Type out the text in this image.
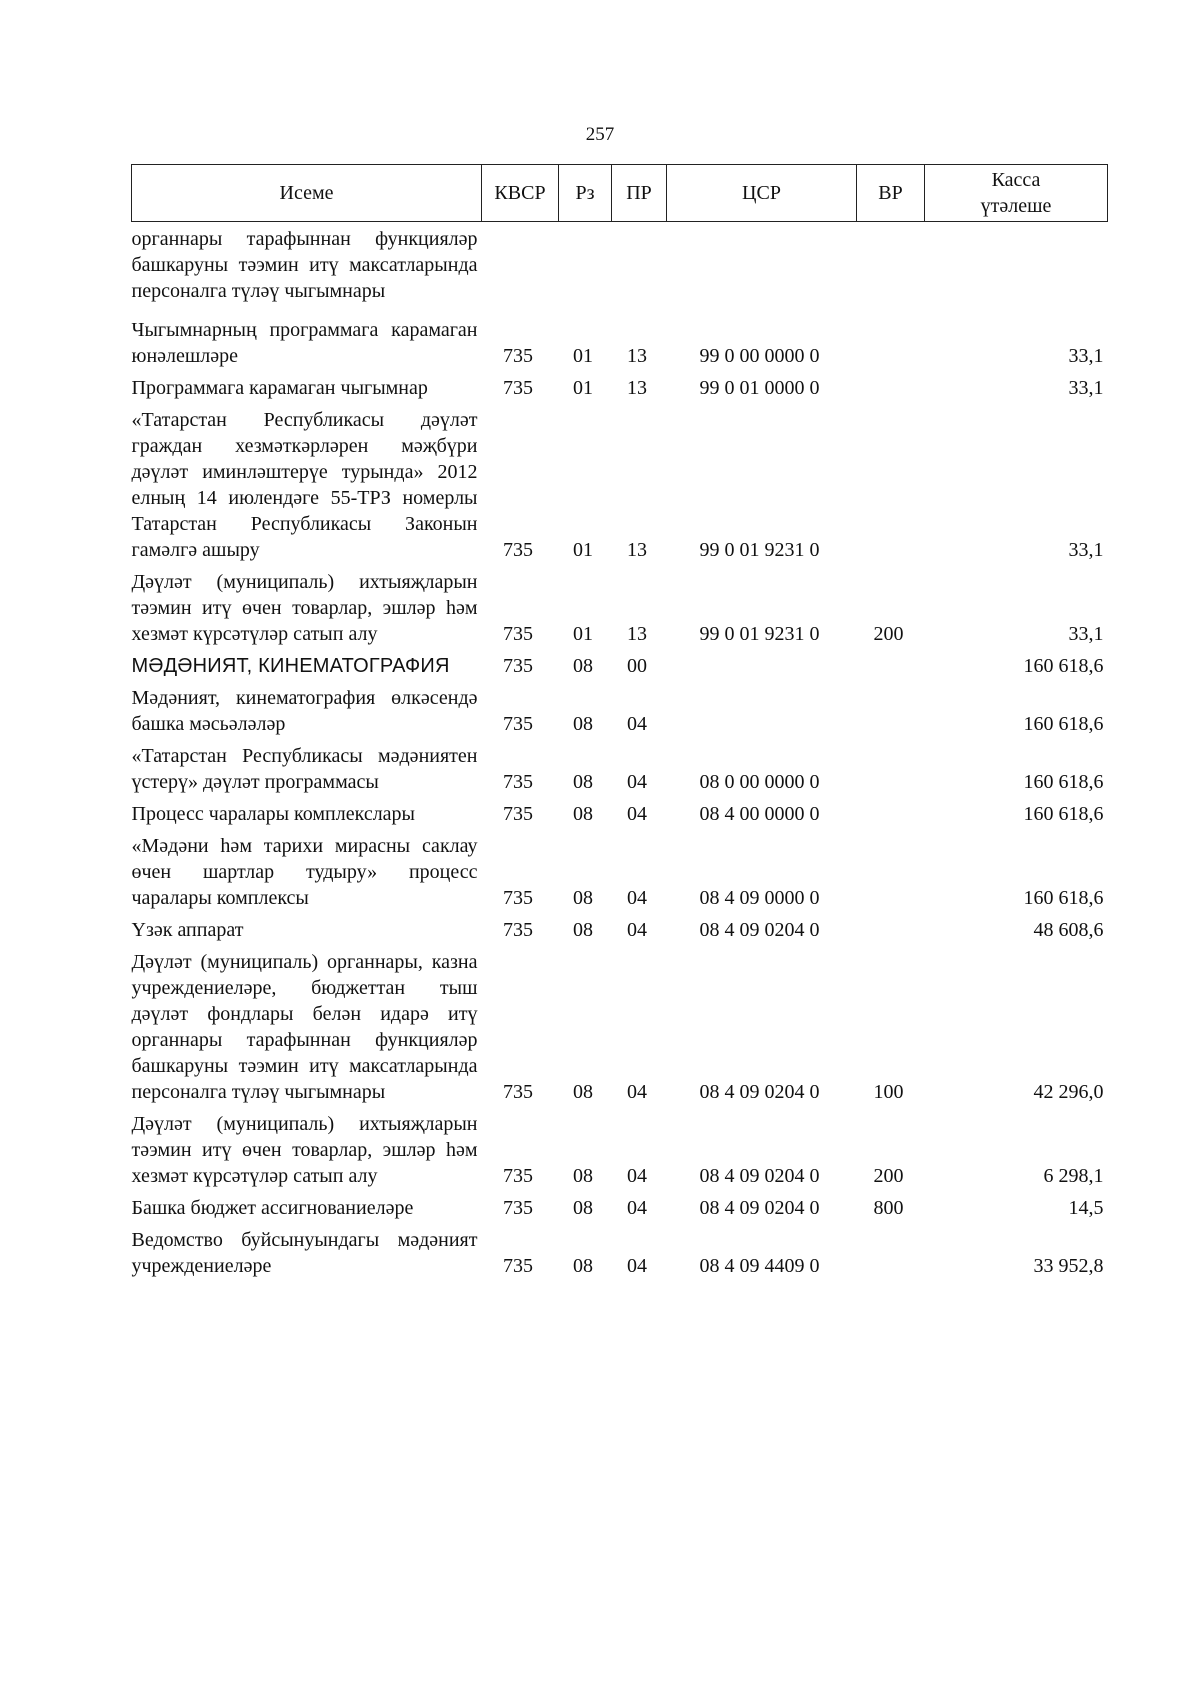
257
Исеме	КВСР	Рз	ПР	ЦСР	ВР	Касса
үтәлеше

органнары тарафыннан функцияләр башкаруны тәэмин итү максатларында персоналга түләү чыгымнары						
Чыгымнарның программага карамаган юнәлешләре	735	01	13	99 0 00 0000 0		33,1
Программага карамаган чыгымнар	735	01	13	99 0 01 0000 0		33,1
«Татарстан Республикасы дәүләт граждан хезмәткәрләрен мәҗбүри дәүләт иминләштерүе турында» 2012 елның 14 июлендәге 55-ТРЗ номерлы Татарстан Республикасы Законын гамәлгә ашыру	735	01	13	99 0 01 9231 0		33,1
Дәүләт (муниципаль) ихтыяҗларын тәэмин итү өчен товарлар, эшләр һәм хезмәт күрсәтүләр сатып алу	735	01	13	99 0 01 9231 0	200	33,1
МӘДӘНИЯТ, КИНЕМАТОГРАФИЯ	735	08	00			160 618,6
Мәдәният, кинематография өлкәсендә башка мәсьәләләр	735	08	04			160 618,6
«Татарстан Республикасы мәдәниятен үстерү» дәүләт программасы	735	08	04	08 0 00 0000 0		160 618,6
Процесс чаралары комплекслары	735	08	04	08 4 00 0000 0		160 618,6
«Мәдәни һәм тарихи мирасны саклау өчен шартлар тудыру» процесс чаралары комплексы	735	08	04	08 4 09 0000 0		160 618,6
Үзәк аппарат	735	08	04	08 4 09 0204 0		48 608,6
Дәүләт (муниципаль) органнары, казна учреждениеләре, бюджеттан тыш дәүләт фондлары белән идарә итү органнары тарафыннан функцияләр башкаруны тәэмин итү максатларында персоналга түләү чыгымнары	735	08	04	08 4 09 0204 0	100	42 296,0
Дәүләт (муниципаль) ихтыяҗларын тәэмин итү өчен товарлар, эшләр һәм хезмәт күрсәтүләр сатып алу	735	08	04	08 4 09 0204 0	200	6 298,1
Башка бюджет ассигнованиеләре	735	08	04	08 4 09 0204 0	800	14,5
Ведомство буйсынуындагы мәдәният учреждениеләре	735	08	04	08 4 09 4409 0		33 952,8
